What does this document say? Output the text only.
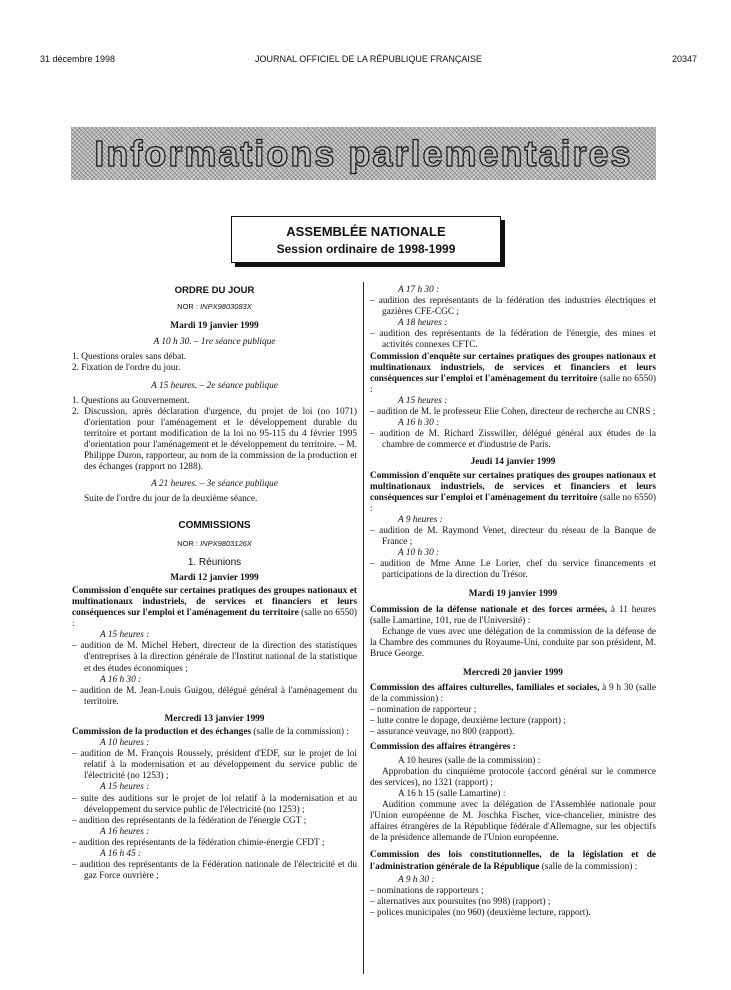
31 décembre 1998	JOURNAL OFFICIEL DE LA RÉPUBLIQUE FRANÇAISE	20347
Informations parlementaires
ASSEMBLÉE NATIONALE
Session ordinaire de 1998-1999

ORDRE DU JOUR

NOR : INPX9803083X

Mardi 19 janvier 1999

A 10 h 30. – 1re séance publique

1. Questions orales sans débat.

2. Fixation de l'ordre du jour.

A 15 heures. – 2e séance publique

1. Questions au Gouvernement.

2. Discussion, après déclaration d'urgence, du projet de loi (no 1071) d'orientation pour l'aménagement et le développement durable du territoire et portant modification de la loi no 95-115 du 4 février 1995 d'orientation pour l'aménagement et le développement du territoire. – M. Philippe Duron, rapporteur, au nom de la commission de la production et des échanges (rapport no 1288).

A 21 heures. – 3e séance publique

Suite de l'ordre du jour de la deuxième séance.

COMMISSIONS

NOR : INPX9803126X

1. Réunions

Mardi 12 janvier 1999

Commission d'enquête sur certaines pratiques des groupes nationaux et multinationaux industriels, de services et financiers et leurs conséquences sur l'emploi et l'aménagement du territoire (salle no 6550) :

A 15 heures :

– audition de M. Michel Hebert, directeur de la direction des statistiques d'entreprises à la direction générale de l'Institut national de la statistique et des études économiques ;

A 16 h 30 :

– audition de M. Jean-Louis Guigou, délégué général à l'aménagement du territoire.

Mercredi 13 janvier 1999

Commission de la production et des échanges (salle de la commission) :

A 10 heures :

– audition de M. François Roussely, président d'EDF, sur le projet de loi relatif à la modernisation et au développement du service public de l'électricité (no 1253) ;

A 15 heures :

– suite des auditions sur le projet de loi relatif à la modernisation et au développement du service public de l'électricité (no 1253) ;

– audition des représentants de la fédération de l'énergie CGT ;

A 16 heures :

– audition des représentants de la fédération chimie-énergie CFDT ;

A 16 h 45 :

– audition des représentants de la Fédération nationale de l'électricité et du gaz Force ouvrière ;

A 17 h 30 :

– audition des représentants de la fédération des industries électriques et gazières CFE-CGC ;

A 18 heures :

– audition des représentants de la fédération de l'énergie, des mines et activités connexes CFTC.

Commission d'enquête sur certaines pratiques des groupes nationaux et multinationaux industriels, de services et financiers et leurs conséquences sur l'emploi et l'aménagement du territoire (salle no 6550) :

A 15 heures :

– audition de M. le professeur Elie Cohen, directeur de recherche au CNRS ;

A 16 h 30 :

– audition de M. Richard Zisswiller, délégué général aux études de la chambre de commerce et d'industrie de Paris.

Jeudi 14 janvier 1999

Commission d'enquête sur certaines pratiques des groupes nationaux et multinationaux industriels, de services et financiers et leurs conséquences sur l'emploi et l'aménagement du territoire (salle no 6550) :

A 9 heures :

– audition de M. Raymond Venet, directeur du réseau de la Banque de France ;

A 10 h 30 :

– audition de Mme Anne Le Lorier, chef du service financements et participations de la direction du Trésor.

Mardi 19 janvier 1999

Commission de la défense nationale et des forces armées, à 11 heures (salle Lamartine, 101, rue de l'Université) :

Echange de vues avec une délégation de la commission de la défense de la Chambre des communes du Royaume-Uni, conduite par son président, M. Bruce George.

Mercredi 20 janvier 1999

Commission des affaires culturelles, familiales et sociales, à 9 h 30 (salle de la commission) :

– nomination de rapporteur ;

– lutte contre le dopage, deuxième lecture (rapport) ;

– assurance veuvage, no 800 (rapport).

Commission des affaires étrangères :

A 10 heures (salle de la commission) :

Approbation du cinquième protocole (accord général sur le commerce des services), no 1321 (rapport) ;

A 16 h 15 (salle Lamartine) :

Audition commune avec la délégation de l'Assemblée nationale pour l'Union européenne de M. Joschka Fischer, vice-chancelier, ministre des affaires étrangères de la République fédérale d'Allemagne, sur les objectifs de la présidence allemande de l'Union européenne.

Commission des lois constitutionnelles, de la législation et de l'administration générale de la République (salle de la commission) :

A 9 h 30 :

– nominations de rapporteurs ;

– alternatives aux poursuites (no 998) (rapport) ;

– polices municipales (no 960) (deuxième lecture, rapport).
